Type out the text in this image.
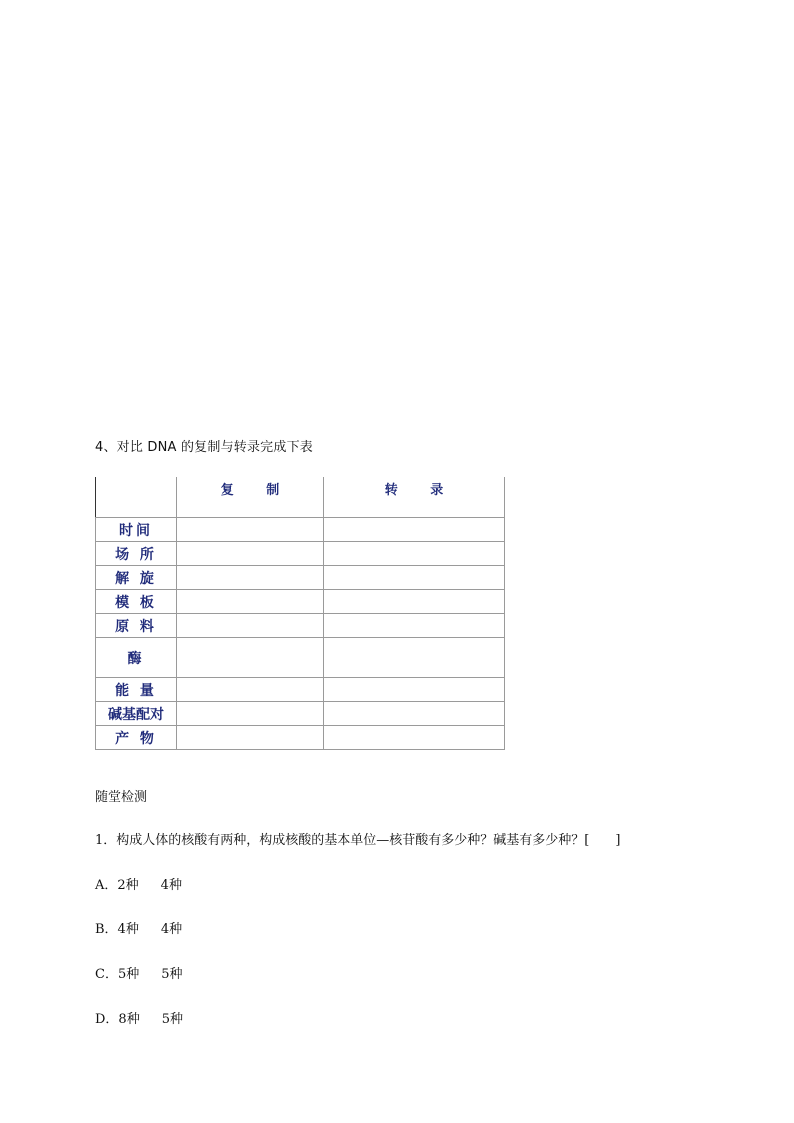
4、对比 DNA 的复制与转录完成下表
	复 制	转 录
时间		
场 所		
解 旋		
模 板		
原 料		
酶		
能 量		
碱基配对		
产 物		
随堂检测
1．构成人体的核酸有两种，构成核酸的基本单位—核苷酸有多少种？碱基有多少种？[　　]
A．2种 4种
B．4种 4种
C．5种 5种
D．8种 5种
